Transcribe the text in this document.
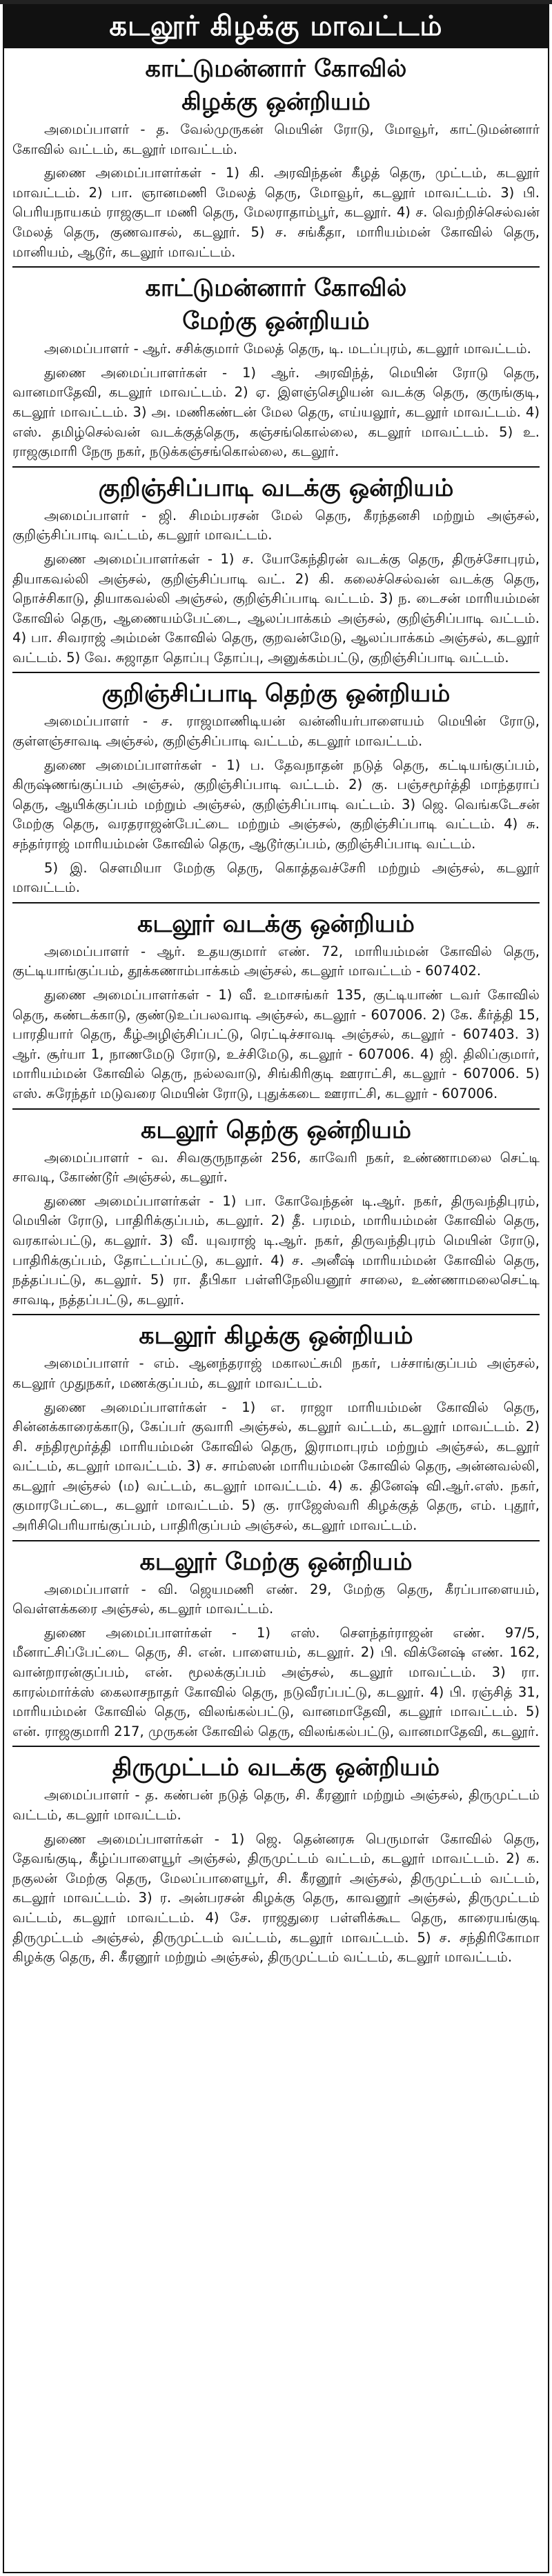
கடலூர் கிழக்கு மாவட்டம்
காட்டுமன்னார் கோவில்
கிழக்கு ஒன்றியம்

அமைப்பாளர் - த. வேல்முருகன் மெயின் ரோடு, மோவூர், காட்டுமன்னார் கோவில் வட்டம், கடலூர் மாவட்டம்.

துணை அமைப்பாளர்கள் - 1) கி. அரவிந்தன் கீழத் தெரு, முட்டம், கடலூர் மாவட்டம். 2) பா. ஞானமணி மேலத் தெரு, மோவூர், கடலூர் மாவட்டம். 3) பி. பெரியநாயகம் ராஜகுடா மணி தெரு, மேலராதாம்பூர், கடலூர். 4) ச. வெற்றிச்செல்வன் மேலத் தெரு, குணவாசல், கடலூர். 5) ச. சங்கீதா, மாரியம்மன் கோவில் தெரு, மானியம், ஆடூர், கடலூர் மாவட்டம்.

காட்டுமன்னார் கோவில்
மேற்கு ஒன்றியம்

அமைப்பாளர் - ஆர். சசிக்குமார் மேலத் தெரு, டி. மடப்புரம், கடலூர் மாவட்டம்.

துணை அமைப்பாளர்கள் - 1) ஆர். அரவிந்த், மெயின் ரோடு தெரு, வானமாதேவி, கடலூர் மாவட்டம். 2) ஏ. இளஞ்செழியன் வடக்கு தெரு, குருங்குடி, கடலூர் மாவட்டம். 3) அ. மணிகண்டன் மேல தெரு, எய்யலூர், கடலூர் மாவட்டம். 4) எஸ். தமிழ்செல்வன் வடக்குத்தெரு, கஞ்சங்கொல்லை, கடலூர் மாவட்டம். 5) உ. ராஜகுமாரி நேரு நகர், நடுக்கஞ்சங்கொல்லை, கடலூர்.

குறிஞ்சிப்பாடி வடக்கு ஒன்றியம்

அமைப்பாளர் - ஜி. சிமம்பரசன் மேல் தெரு, கீரந்தனசி மற்றும் அஞ்சல், குறிஞ்சிப்பாடி வட்டம், கடலூர் மாவட்டம்.

துணை அமைப்பாளர்கள் - 1) ச. யோகேந்திரன் வடக்கு தெரு, திருச்சோபுரம், தியாகவல்லி அஞ்சல், குறிஞ்சிப்பாடி வட். 2) கி. கலைச்செல்வன் வடக்கு தெரு, நொச்சிகாடு, தியாகவல்லி அஞ்சல், குறிஞ்சிப்பாடி வட்டம். 3) ந. டைசன் மாரியம்மன் கோவில் தெரு, ஆணையம்பேட்டை, ஆலப்பாக்கம் அஞ்சல், குறிஞ்சிப்பாடி வட்டம். 4) பா. சிவராஜ் அம்மன் கோவில் தெரு, குறவன்மேடு, ஆலப்பாக்கம் அஞ்சல், கடலூர் வட்டம். 5) வே. சுஜாதா தொப்பு தோப்பு, அனுக்கம்பட்டு, குறிஞ்சிப்பாடி வட்டம்.

குறிஞ்சிப்பாடி தெற்கு ஒன்றியம்

அமைப்பாளர் - ச. ராஜமாணிடியன் வன்னியர்பாளையம் மெயின் ரோடு, குள்ளஞ்சாவடி அஞ்சல், குறிஞ்சிப்பாடி வட்டம், கடலூர் மாவட்டம்.

துணை அமைப்பாளர்கள் - 1) ப. தேவநாதன் நடுத் தெரு, கட்டியங்குப்பம், கிருஷ்ணங்குப்பம் அஞ்சல், குறிஞ்சிப்பாடி வட்டம். 2) கு. பஞ்சமூர்த்தி மாந்தராப் தெரு, ஆயிக்குப்பம் மற்றும் அஞ்சல், குறிஞ்சிப்பாடி வட்டம். 3) ஜெ. வெங்கடேசன் மேற்கு தெரு, வரதராஜன்பேட்டை மற்றும் அஞ்சல், குறிஞ்சிப்பாடி வட்டம். 4) சு. சந்தர்ராஜ் மாரியம்மன் கோவில் தெரு, ஆடூர்குப்பம், குறிஞ்சிப்பாடி வட்டம்.

5) இ. சௌமியா மேற்கு தெரு, கொத்தவச்சேரி மற்றும் அஞ்சல், கடலூர் மாவட்டம்.

கடலூர் வடக்கு ஒன்றியம்

அமைப்பாளர் - ஆர். உதயகுமார் எண். 72, மாரியம்மன் கோவில் தெரு, குட்டியாங்குப்பம், தூக்கணாம்பாக்கம் அஞ்சல், கடலூர் மாவட்டம் - 607402.

துணை அமைப்பாளர்கள் - 1) வீ. உமாசங்கர் 135, குட்டியாண் டவர் கோவில் தெரு, கண்டக்காடு, குண்டுஉப்பலவாடி அஞ்சல், கடலூர் - 607006. 2) கே. கீர்த்தி 15, பாரதியார் தெரு, கீழ்அழிஞ்சிப்பட்டு, ரெட்டிச்சாவடி அஞ்சல், கடலூர் - 607403. 3) ஆர். சூர்யா 1, நாணமேடு ரோடு, உச்சிமேடு, கடலூர் - 607006. 4) ஜி. திலிப்குமார், மாரியம்மன் கோவில் தெரு, நல்லவாடு, சிங்கிரிகுடி ஊராட்சி, கடலூர் - 607006. 5) எஸ். சுரேந்தர் மடுவரை மெயின் ரோடு, புதுக்கடை ஊராட்சி, கடலூர் - 607006.

கடலூர் தெற்கு ஒன்றியம்

அமைப்பாளர் - வ. சிவகுருநாதன் 256, காவேரி நகர், உண்ணாமலை செட்டி சாவடி, கோண்டூர் அஞ்சல், கடலூர்.

துணை அமைப்பாளர்கள் - 1) பா. கோவேந்தன் டி.ஆர். நகர், திருவந்திபுரம், மெயின் ரோடு, பாதிரிக்குப்பம், கடலூர். 2) தீ. பரமம், மாரியம்மன் கோவில் தெரு, வரகால்பட்டு, கடலூர். 3) வீ. யுவராஜ் டி.ஆர். நகர், திருவந்திபுரம் மெயின் ரோடு, பாதிரிக்குப்பம், தோட்டப்பட்டு, கடலூர். 4) ச. அனீஷ் மாரியம்மன் கோவில் தெரு, நத்தப்பட்டு, கடலூர். 5) ரா. தீபிகா பள்ளிநேலியனூர் சாலை, உண்ணாமலைசெட்டி சாவடி, நத்தப்பட்டு, கடலூர்.

கடலூர் கிழக்கு ஒன்றியம்

அமைப்பாளர் - எம். ஆனந்தராஜ் மகாலட்சுமி நகர், பச்சாங்குப்பம் அஞ்சல், கடலூர் முதுநகர், மணக்குப்பம், கடலூர் மாவட்டம்.

துணை அமைப்பாளர்கள் - 1) எ. ராஜா மாரியம்மன் கோவில் தெரு, சின்னக்காரைக்காடு, கேப்பர் குவாரி அஞ்சல், கடலூர் வட்டம், கடலூர் மாவட்டம். 2) சி. சந்திரமூர்த்தி மாரியம்மன் கோவில் தெரு, இராமாபுரம் மற்றும் அஞ்சல், கடலூர் வட்டம், கடலூர் மாவட்டம். 3) ச. சாம்ஸன் மாரியம்மன் கோவில் தெரு, அன்னவல்லி, கடலூர் அஞ்சல் (ம) வட்டம், கடலூர் மாவட்டம். 4) க. தினேஷ் வி.ஆர்.எஸ். நகர், குமாரபேட்டை, கடலூர் மாவட்டம். 5) கு. ராஜேஸ்வரி கிழக்குத் தெரு, எம். புதூர், அரிசிபெரியாங்குப்பம், பாதிரிகுப்பம் அஞ்சல், கடலூர் மாவட்டம்.

கடலூர் மேற்கு ஒன்றியம்

அமைப்பாளர் - வி. ஜெயமணி எண். 29, மேற்கு தெரு, கீரப்பாளையம், வெள்ளக்கரை அஞ்சல், கடலூர் மாவட்டம்.

துணை அமைப்பாளர்கள் - 1) எஸ். சௌந்தர்ராஜன் எண். 97/5, மீனாட்சிப்பேட்டை தெரு, சி. என். பாளையம், கடலூர். 2) பி. விக்னேஷ் எண். 162, வான்றாரன்குப்பம், என். மூலக்குப்பம் அஞ்சல், கடலூர் மாவட்டம். 3) ரா. காரல்மார்க்ஸ் கைலாசநாதர் கோவில் தெரு, நடுவீரப்பட்டு, கடலூர். 4) பி. ரஞ்சித் 31, மாரியம்மன் கோவில் தெரு, விலங்கல்பட்டு, வானமாதேவி, கடலூர் மாவட்டம். 5) என். ராஜகுமாரி 217, முருகன் கோவில் தெரு, விலங்கல்பட்டு, வானமாதேவி, கடலூர்.

திருமுட்டம் வடக்கு ஒன்றியம்

அமைப்பாளர் - த. கண்பன் நடுத் தெரு, சி. கீரனூர் மற்றும் அஞ்சல், திருமுட்டம் வட்டம், கடலூர் மாவட்டம்.

துணை அமைப்பாளர்கள் - 1) ஜெ. தென்னரசு பெருமாள் கோவில் தெரு, தேவங்குடி, கீழ்ப்பாளையூர் அஞ்சல், திருமுட்டம் வட்டம், கடலூர் மாவட்டம். 2) க. நகுலன் மேற்கு தெரு, மேலப்பாளையூர், சி. கீரனூர் அஞ்சல், திருமுட்டம் வட்டம், கடலூர் மாவட்டம். 3) ர. அன்பரசன் கிழக்கு தெரு, காவனூர் அஞ்சல், திருமுட்டம் வட்டம், கடலூர் மாவட்டம். 4) சே. ராஜதுரை பள்ளிக்கூட தெரு, காரையங்குடி திருமுட்டம் அஞ்சல், திருமுட்டம் வட்டம், கடலூர் மாவட்டம். 5) ச. சந்திரிகோமா கிழக்கு தெரு, சி. கீரனூர் மற்றும் அஞ்சல், திருமுட்டம் வட்டம், கடலூர் மாவட்டம்.
